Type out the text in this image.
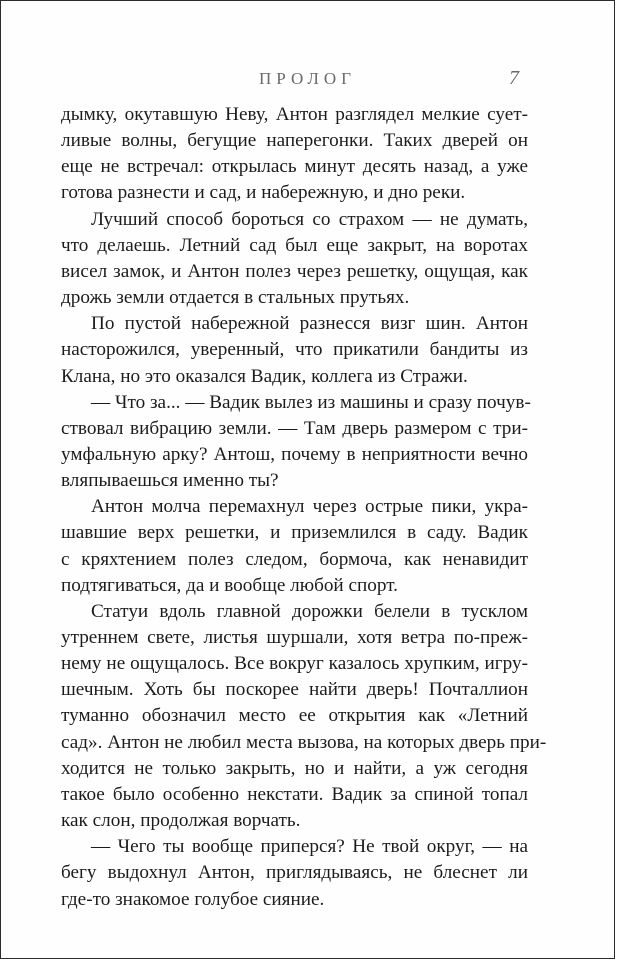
ПРОЛОГ	7
дымку, окутавшую Неву, Антон разглядел мелкие сует-
ливые волны, бегущие наперегонки. Таких дверей он
еще не встречал: открылась минут десять назад, а уже
готова разнести и сад, и набережную, и дно реки.
Лучший способ бороться со страхом — не думать,
что делаешь. Летний сад был еще закрыт, на воротах
висел замок, и Антон полез через решетку, ощущая, как
дрожь земли отдается в стальных прутьях.
По пустой набережной разнесся визг шин. Антон
насторожился, уверенный, что прикатили бандиты из
Клана, но это оказался Вадик, коллега из Стражи.
— Что за... — Вадик вылез из машины и сразу почув-
ствовал вибрацию земли. — Там дверь размером с три-
умфальную арку? Антош, почему в неприятности вечно
вляпываешься именно ты?
Антон молча перемахнул через острые пики, укра-
шавшие верх решетки, и приземлился в саду. Вадик
с кряхтением полез следом, бормоча, как ненавидит
подтягиваться, да и вообще любой спорт.
Статуи вдоль главной дорожки белели в тусклом
утреннем свете, листья шуршали, хотя ветра по-преж-
нему не ощущалось. Все вокруг казалось хрупким, игру-
шечным. Хоть бы поскорее найти дверь! Почталлион
туманно обозначил место ее открытия как «Летний
сад». Антон не любил места вызова, на которых дверь при-
ходится не только закрыть, но и найти, а уж сегодня
такое было особенно некстати. Вадик за спиной топал
как слон, продолжая ворчать.
— Чего ты вообще приперся? Не твой округ, — на
бегу выдохнул Антон, приглядываясь, не блеснет ли
где-то знакомое голубое сияние.
